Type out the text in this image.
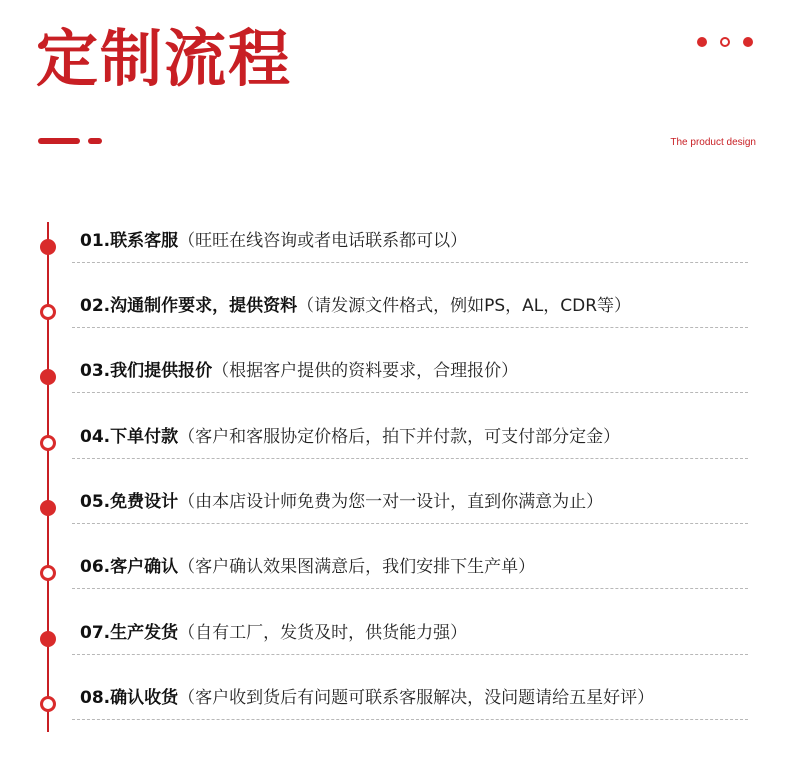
定制流程
The product design
01.联系客服（旺旺在线咨询或者电话联系都可以）
02.沟通制作要求，提供资料（请发源文件格式，例如PS，AL，CDR等）
03.我们提供报价（根据客户提供的资料要求，合理报价）
04.下单付款（客户和客服协定价格后，拍下并付款，可支付部分定金）
05.免费设计（由本店设计师免费为您一对一设计，直到你满意为止）
06.客户确认（客户确认效果图满意后，我们安排下生产单）
07.生产发货（自有工厂，发货及时，供货能力强）
08.确认收货（客户收到货后有问题可联系客服解决，没问题请给五星好评）
